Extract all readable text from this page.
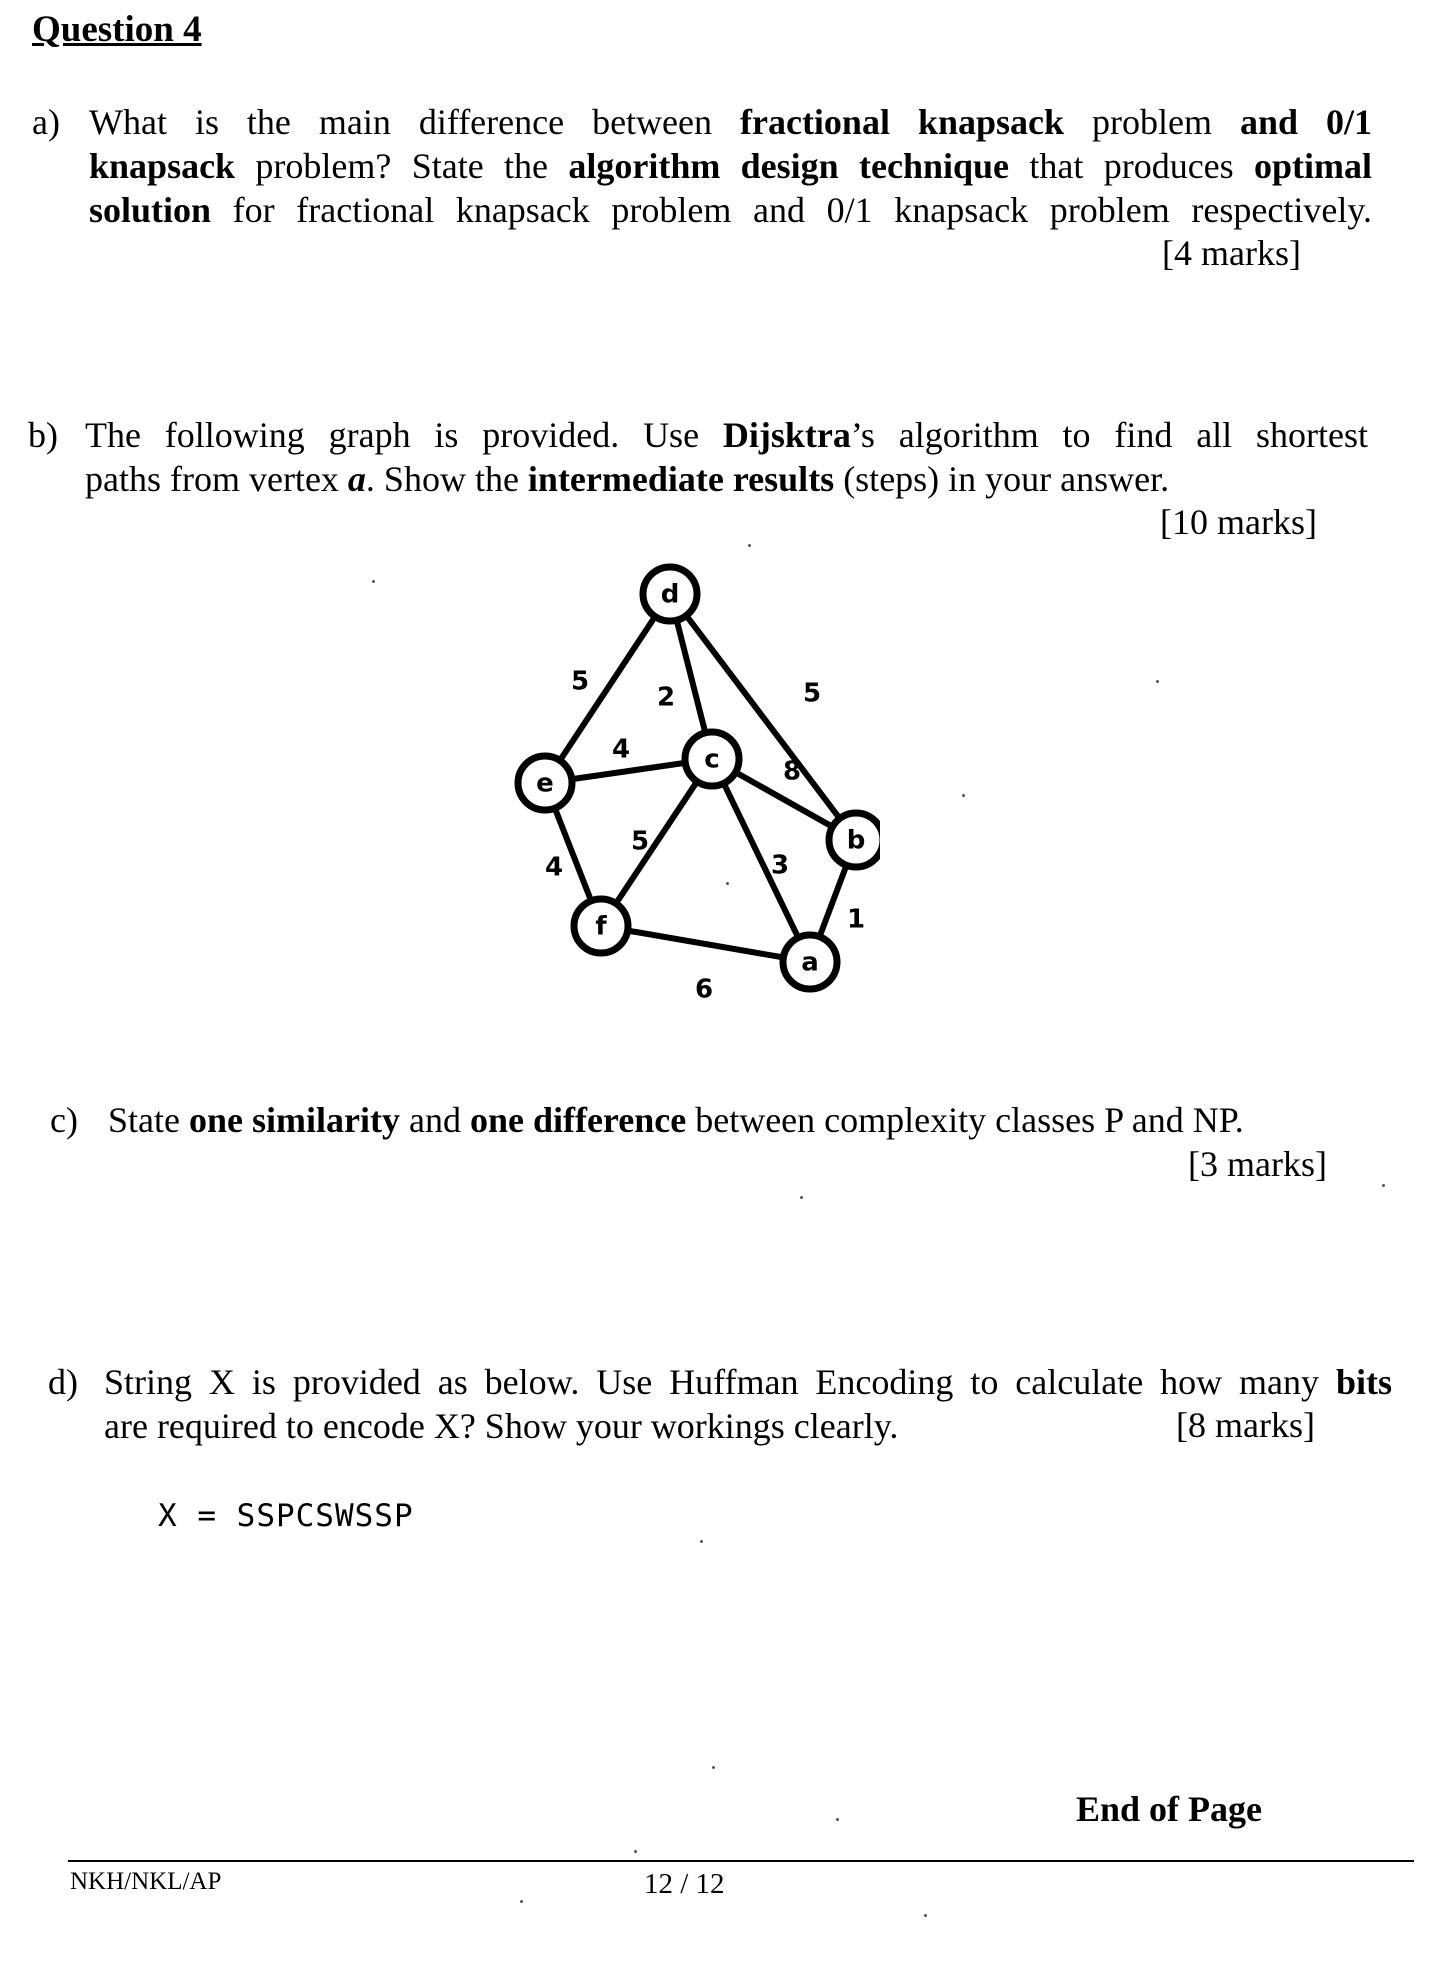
Question 4
a) What is the main difference between fractional knapsack problem and 0/1
knapsack problem? State the algorithm design technique that produces optimal
solution for fractional knapsack problem and 0/1 knapsack problem respectively.
[4 marks]
b) The following graph is provided. Use Dijsktra’s algorithm to find all shortest
paths from vertex a. Show the intermediate results (steps) in your answer.
[10 marks]
5
2	5
4
8
4
5
3
1
6
d
e
c
b
f
a
c) State one similarity and one difference between complexity classes P and NP.
[3 marks]
d) String X is provided as below. Use Huffman Encoding to calculate how many bits
are required to encode X? Show your workings clearly.	[8 marks]
X = SSPCSWSSP
End of Page
NKH/NKL/AP	12 / 12
